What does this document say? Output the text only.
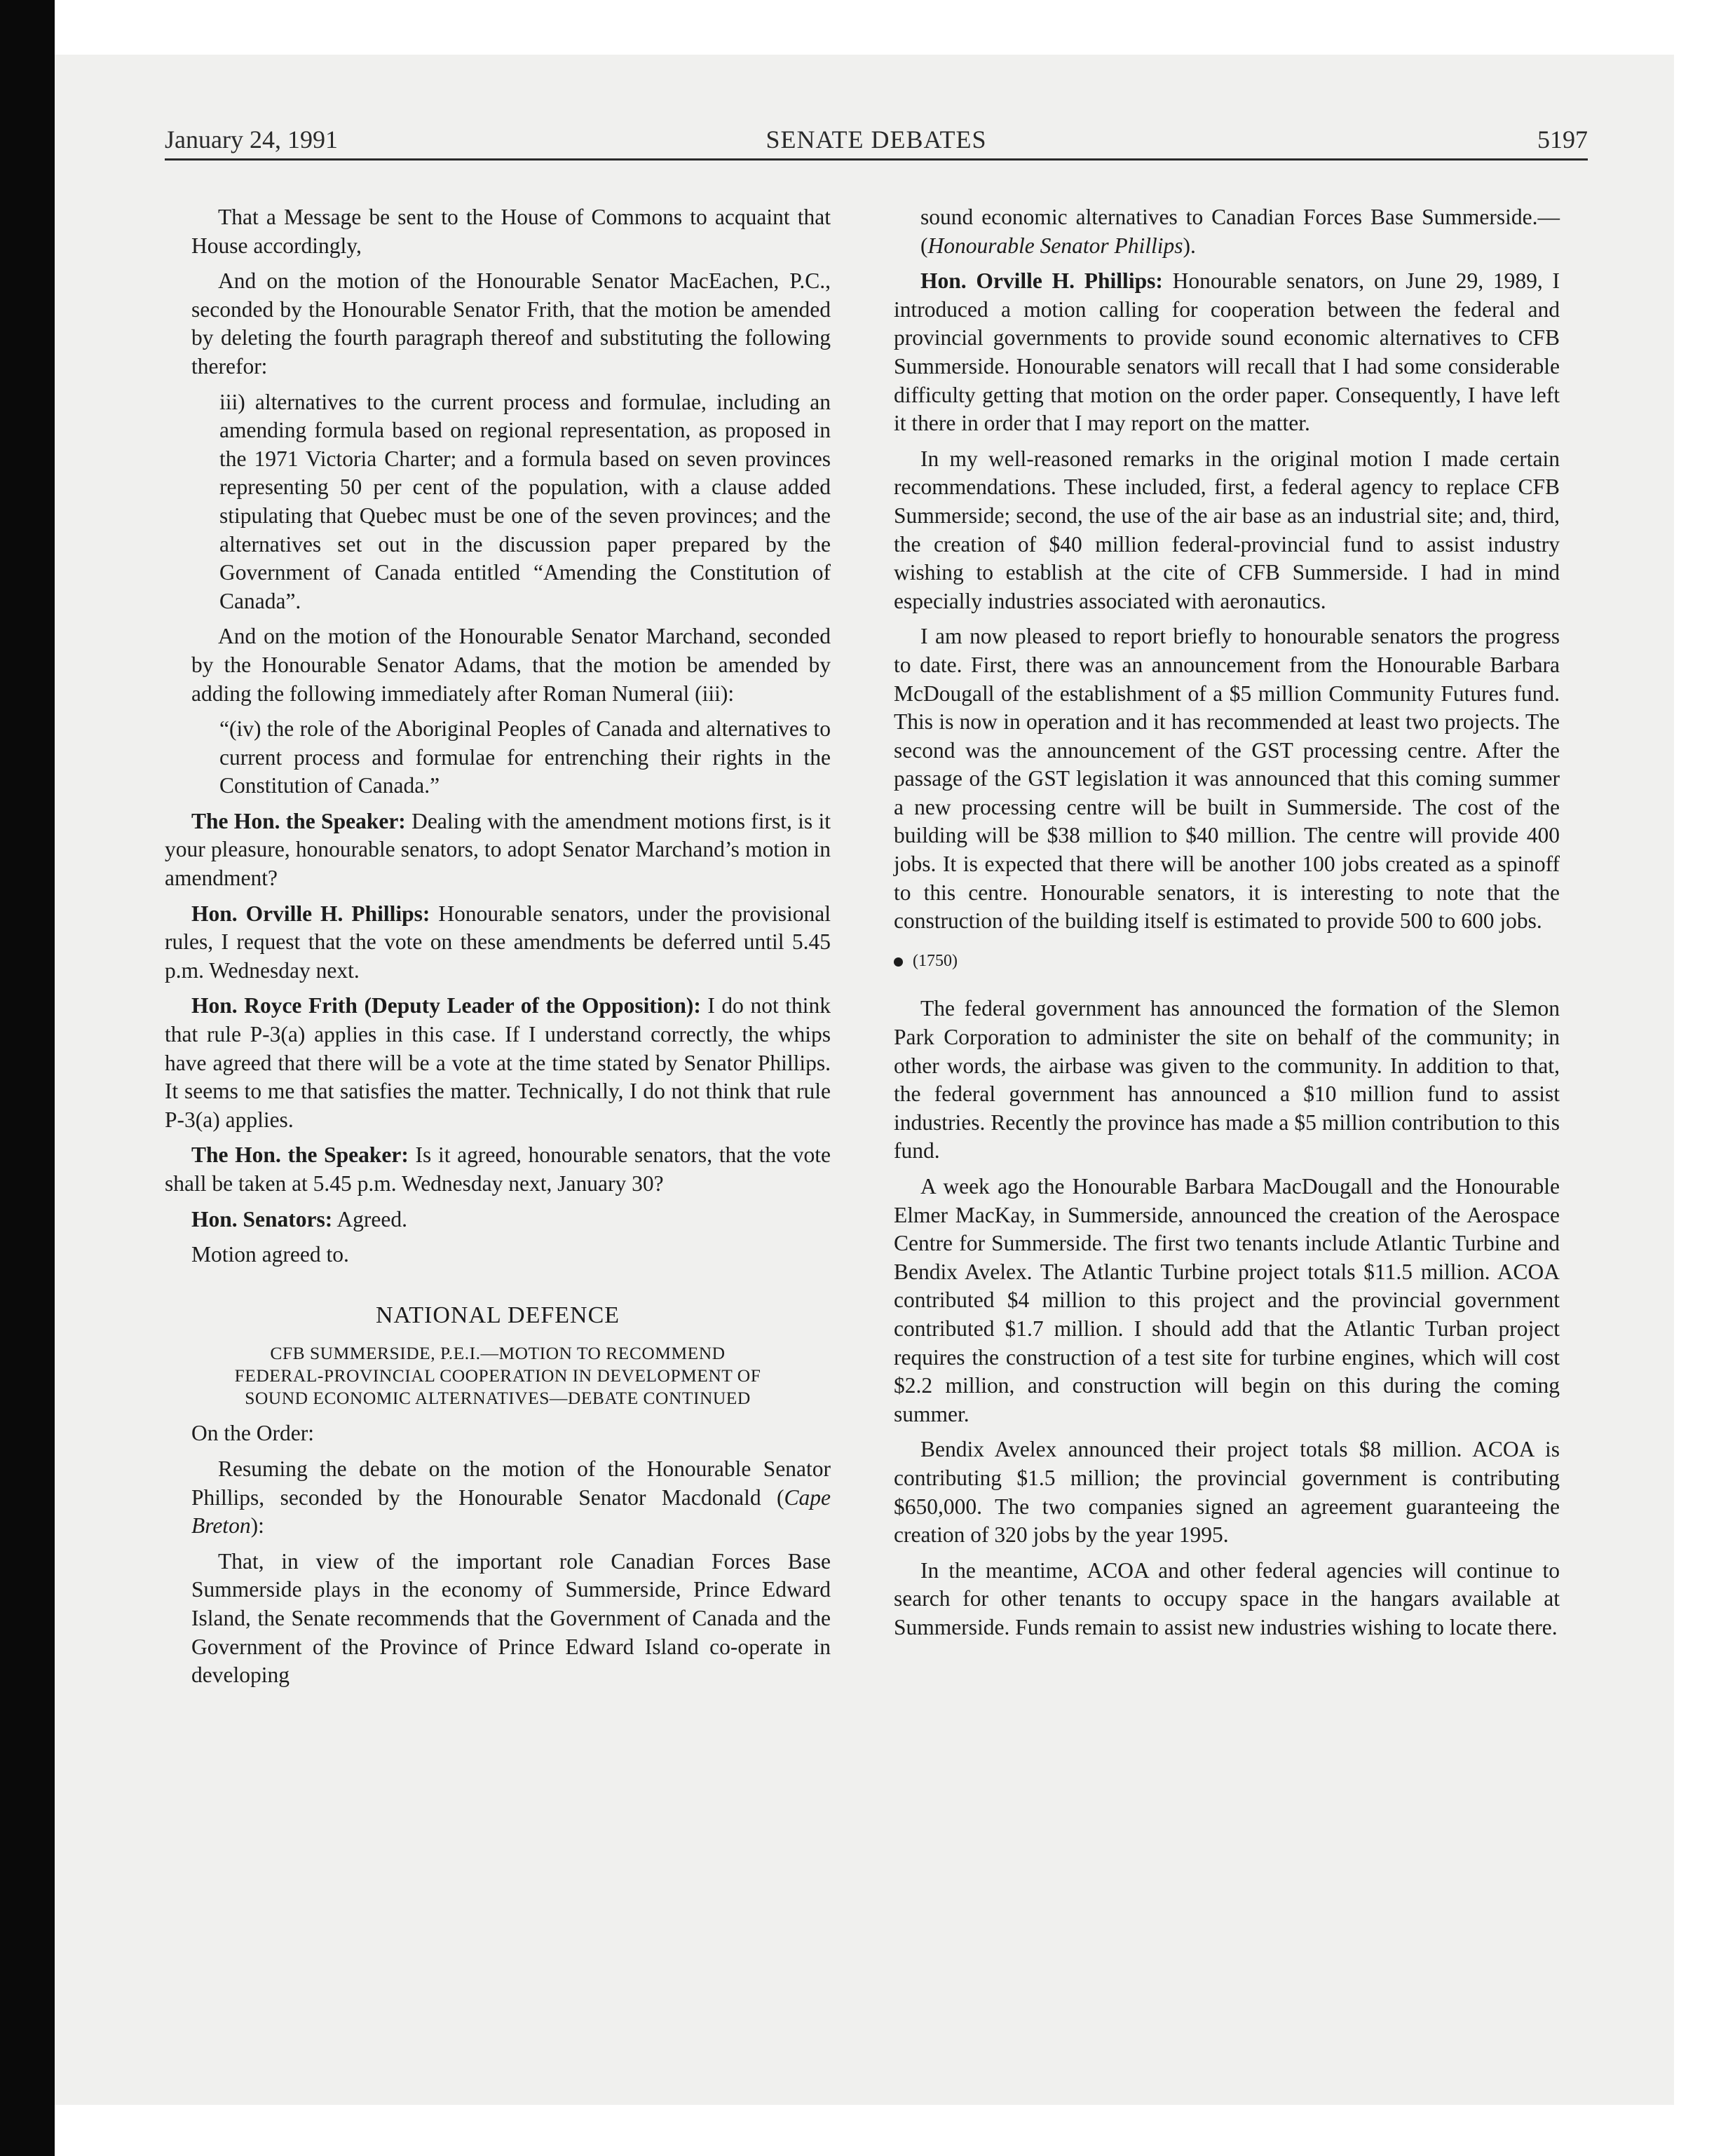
January 24, 1991	SENATE DEBATES	5197

That a Message be sent to the House of Commons to acquaint that House accordingly,

And on the motion of the Honourable Senator MacEachen, P.C., seconded by the Honourable Senator Frith, that the motion be amended by deleting the fourth paragraph thereof and substituting the following therefor:

iii) alternatives to the current process and formulae, including an amending formula based on regional representation, as proposed in the 1971 Victoria Charter; and a formula based on seven provinces representing 50 per cent of the population, with a clause added stipulating that Quebec must be one of the seven provinces; and the alternatives set out in the discussion paper prepared by the Government of Canada entitled “Amending the Constitution of Canada”.

And on the motion of the Honourable Senator Marchand, seconded by the Honourable Senator Adams, that the motion be amended by adding the following immediately after Roman Numeral (iii):

“(iv) the role of the Aboriginal Peoples of Canada and alternatives to current process and formulae for entrenching their rights in the Constitution of Canada.”

The Hon. the Speaker: Dealing with the amendment motions first, is it your pleasure, honourable senators, to adopt Senator Marchand’s motion in amendment?

Hon. Orville H. Phillips: Honourable senators, under the provisional rules, I request that the vote on these amendments be deferred until 5.45 p.m. Wednesday next.

Hon. Royce Frith (Deputy Leader of the Opposition): I do not think that rule P-3(a) applies in this case. If I understand correctly, the whips have agreed that there will be a vote at the time stated by Senator Phillips. It seems to me that satisfies the matter. Technically, I do not think that rule P-3(a) applies.

The Hon. the Speaker: Is it agreed, honourable senators, that the vote shall be taken at 5.45 p.m. Wednesday next, January 30?

Hon. Senators: Agreed.

Motion agreed to.

NATIONAL DEFENCE

CFB SUMMERSIDE, P.E.I.—MOTION TO RECOMMEND
FEDERAL-PROVINCIAL COOPERATION IN DEVELOPMENT OF
SOUND ECONOMIC ALTERNATIVES—DEBATE CONTINUED

On the Order:

Resuming the debate on the motion of the Honourable Senator Phillips, seconded by the Honourable Senator Macdonald (Cape Breton):

That, in view of the important role Canadian Forces Base Summerside plays in the economy of Summerside, Prince Edward Island, the Senate recommends that the Government of Canada and the Government of the Province of Prince Edward Island co-operate in developing

sound economic alternatives to Canadian Forces Base Summerside.—(Honourable Senator Phillips).

Hon. Orville H. Phillips: Honourable senators, on June 29, 1989, I introduced a motion calling for cooperation between the federal and provincial governments to provide sound economic alternatives to CFB Summerside. Honourable senators will recall that I had some considerable difficulty getting that motion on the order paper. Consequently, I have left it there in order that I may report on the matter.

In my well-reasoned remarks in the original motion I made certain recommendations. These included, first, a federal agency to replace CFB Summerside; second, the use of the air base as an industrial site; and, third, the creation of $40 million federal-provincial fund to assist industry wishing to establish at the cite of CFB Summerside. I had in mind especially industries associated with aeronautics.

I am now pleased to report briefly to honourable senators the progress to date. First, there was an announcement from the Honourable Barbara McDougall of the establishment of a $5 million Community Futures fund. This is now in operation and it has recommended at least two projects. The second was the announcement of the GST processing centre. After the passage of the GST legislation it was announced that this coming summer a new processing centre will be built in Summerside. The cost of the building will be $38 million to $40 million. The centre will provide 400 jobs. It is expected that there will be another 100 jobs created as a spinoff to this centre. Honourable senators, it is interesting to note that the construction of the building itself is estimated to provide 500 to 600 jobs.

(1750)

The federal government has announced the formation of the Slemon Park Corporation to administer the site on behalf of the community; in other words, the airbase was given to the community. In addition to that, the federal government has announced a $10 million fund to assist industries. Recently the province has made a $5 million contribution to this fund.

A week ago the Honourable Barbara MacDougall and the Honourable Elmer MacKay, in Summerside, announced the creation of the Aerospace Centre for Summerside. The first two tenants include Atlantic Turbine and Bendix Avelex. The Atlantic Turbine project totals $11.5 million. ACOA contributed $4 million to this project and the provincial government contributed $1.7 million. I should add that the Atlantic Turban project requires the construction of a test site for turbine engines, which will cost $2.2 million, and construction will begin on this during the coming summer.

Bendix Avelex announced their project totals $8 million. ACOA is contributing $1.5 million; the provincial government is contributing $650,000. The two companies signed an agreement guaranteeing the creation of 320 jobs by the year 1995.

In the meantime, ACOA and other federal agencies will continue to search for other tenants to occupy space in the hangars available at Summerside. Funds remain to assist new industries wishing to locate there.
